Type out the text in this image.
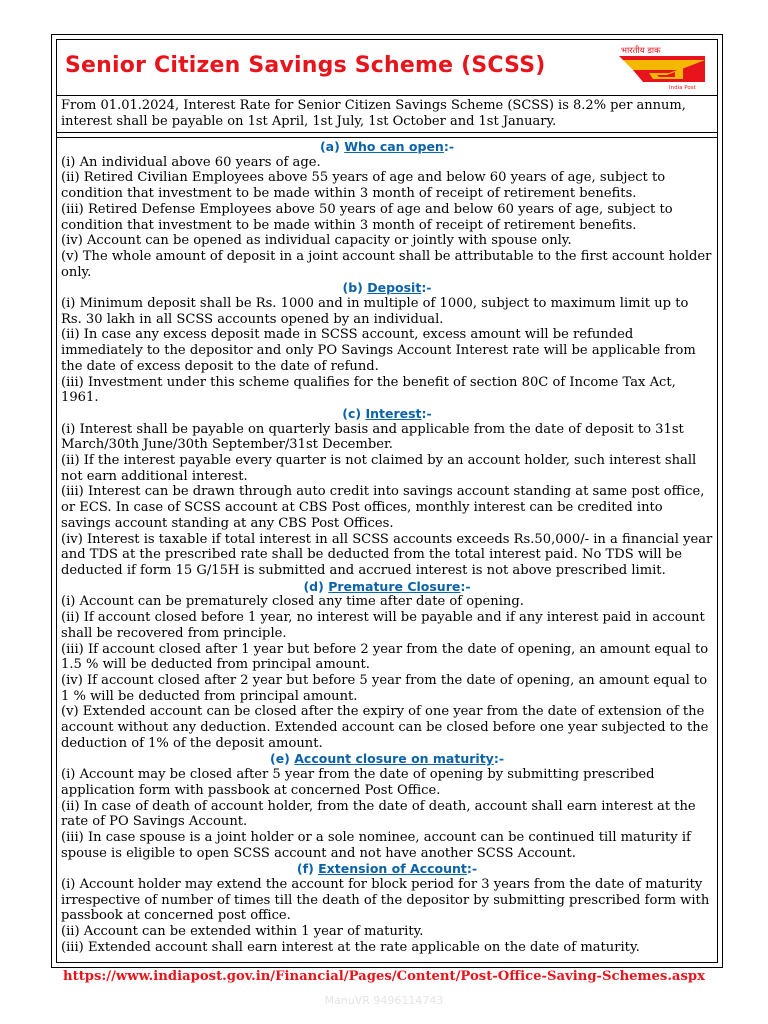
Senior Citizen Savings Scheme (SCSS)
भारतीय डाक
India Post
From 01.01.2024, Interest Rate for Senior Citizen Savings Scheme (SCSS) is 8.2% per annum, interest shall be payable on 1st April, 1st July, 1st October and 1st January.
(a) Who can open:-
(i) An individual above 60 years of age.
(ii) Retired Civilian Employees above 55 years of age and below 60 years of age, subject to condition that investment to be made within 3 month of receipt of retirement benefits.
(iii) Retired Defense Employees above 50 years of age and below 60 years of age, subject to condition that investment to be made within 3 month of receipt of retirement benefits.
(iv) Account can be opened as individual capacity or jointly with spouse only.
(v) The whole amount of deposit in a joint account shall be attributable to the first account holder only.
(b) Deposit:-
(i) Minimum deposit shall be Rs. 1000 and in multiple of 1000, subject to maximum limit up to Rs. 30 lakh in all SCSS accounts opened by an individual.
(ii) In case any excess deposit made in SCSS account, excess amount will be refunded immediately to the depositor and only PO Savings Account Interest rate will be applicable from the date of excess deposit to the date of refund.
(iii) Investment under this scheme qualifies for the benefit of section 80C of Income Tax Act, 1961.
(c) Interest:-
(i) Interest shall be payable on quarterly basis and applicable from the date of deposit to 31st March/30th June/30th September/31st December.
(ii) If the interest payable every quarter is not claimed by an account holder, such interest shall not earn additional interest.
(iii) Interest can be drawn through auto credit into savings account standing at same post office, or ECS. In case of SCSS account at CBS Post offices, monthly interest can be credited into savings account standing at any CBS Post Offices.
(iv) Interest is taxable if total interest in all SCSS accounts exceeds Rs.50,000/- in a financial year and TDS at the prescribed rate shall be deducted from the total interest paid. No TDS will be deducted if form 15 G/15H is submitted and accrued interest is not above prescribed limit.
(d) Premature Closure:-
(i) Account can be prematurely closed any time after date of opening.
(ii) If account closed before 1 year, no interest will be payable and if any interest paid in account shall be recovered from principle.
(iii) If account closed after 1 year but before 2 year from the date of opening, an amount equal to 1.5 % will be deducted from principal amount.
(iv) If account closed after 2 year but before 5 year from the date of opening, an amount equal to 1 % will be deducted from principal amount.
(v) Extended account can be closed after the expiry of one year from the date of extension of the account without any deduction. Extended account can be closed before one year subjected to the deduction of 1% of the deposit amount.
(e) Account closure on maturity:-
(i) Account may be closed after 5 year from the date of opening by submitting prescribed application form with passbook at concerned Post Office.
(ii) In case of death of account holder, from the date of death, account shall earn interest at the rate of PO Savings Account.
(iii) In case spouse is a joint holder or a sole nominee, account can be continued till maturity if spouse is eligible to open SCSS account and not have another SCSS Account.
(f) Extension of Account:-
(i) Account holder may extend the account for block period for 3 years from the date of maturity irrespective of number of times till the death of the depositor by submitting prescribed form with passbook at concerned post office.
(ii) Account can be extended within 1 year of maturity.
(iii) Extended account shall earn interest at the rate applicable on the date of maturity.
https://www.indiapost.gov.in/Financial/Pages/Content/Post-Office-Saving-Schemes.aspx
ManuVR 9496114743
